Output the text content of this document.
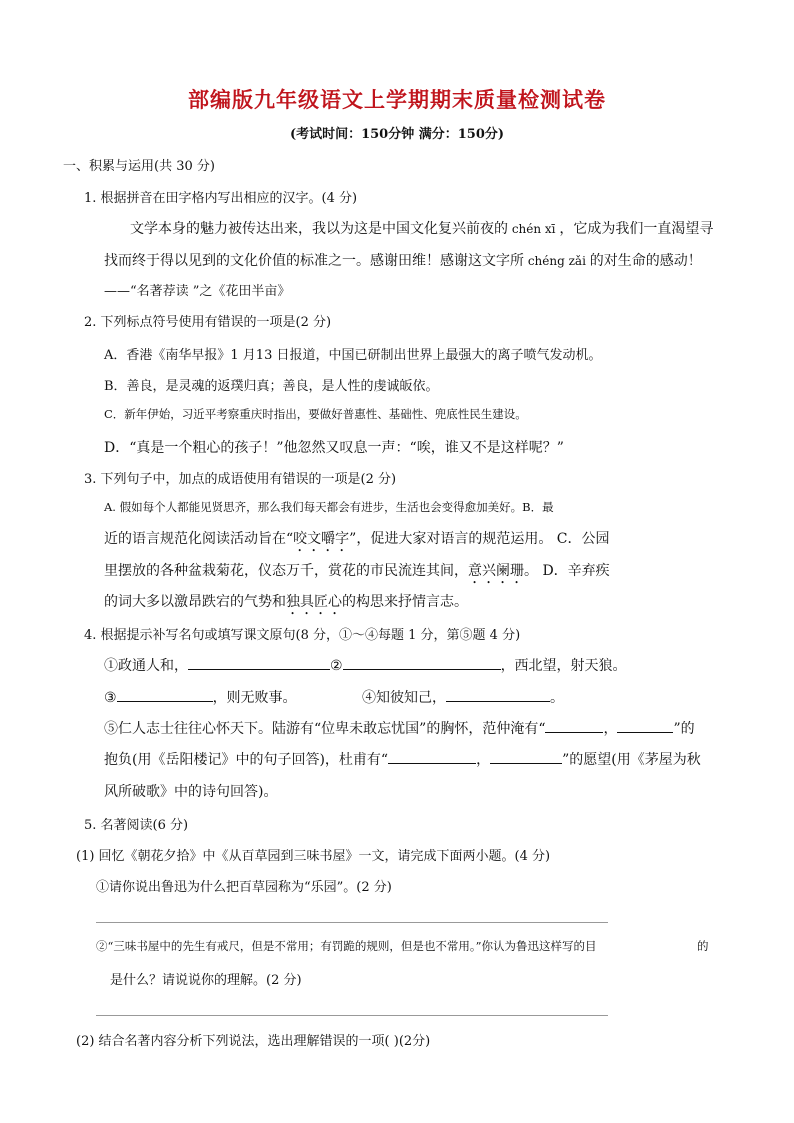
部编版九年级语文上学期期末质量检测试卷
(考试时间：150分钟 满分：150分)
一、积累与运用(共 30 分)
1. 根据拼音在田字格内写出相应的汉字。(4 分)
文学本身的魅力被传达出来，我以为这是中国文化复兴前夜的 chén xī ，它成为我们一直渴望寻
找而终于得以见到的文化价值的标准之一。感谢田维！感谢这文字所 chéng zǎi 的对生命的感动！
——“名著荐读 ”之《花田半亩》
2. 下列标点符号使用有错误的一项是(2 分)
A．香港《南华早报》1 月13 日报道，中国已研制出世界上最强大的离子喷气发动机。
B．善良，是灵魂的返璞归真；善良，是人性的虔诚皈依。
C．新年伊始，习近平考察重庆时指出，要做好普惠性、基础性、兜底性民生建设。
D．“真是一个粗心的孩子！”他忽然又叹息一声：“唉，谁又不是这样呢？”
3. 下列句子中，加点的成语使用有错误的一项是(2 分)
A. 假如每个人都能见贤思齐，那么我们每天都会有进步，生活也会变得愈加美好。B．最
近的语言规范化阅读活动旨在“咬文嚼字”，促进大家对语言的规范运用。 C．公园
里摆放的各种盆栽菊花，仪态万千，赏花的市民流连其间，意兴阑珊。 D．辛弃疾
的词大多以激昂跌宕的气势和独具匠心的构思来抒情言志。
4. 根据提示补写名句或填写课文原句(8 分，①～④每题 1 分，第⑤题 4 分)
①政通人和，	②	，西北望，射天狼。
③	，则无败事。	④知彼知己，	。
⑤仁人志士往往心怀天下。陆游有“位卑未敢忘忧国”的胸怀，范仲淹有“	，	”的
抱负(用《岳阳楼记》中的句子回答)，杜甫有“	，	”的愿望(用《茅屋为秋
风所破歌》中的诗句回答)。
5. 名著阅读(6 分)
(1) 回忆《朝花夕拾》中《从百草园到三味书屋》一文，请完成下面两小题。(4 分)
①请你说出鲁迅为什么把百草园称为“乐园”。(2 分)
②“三味书屋中的先生有戒尺，但是不常用；有罚跪的规则，但是也不常用。”你认为鲁迅这样写的目	的
是什么？请说说你的理解。(2 分)
(2) 结合名著内容分析下列说法，选出理解错误的一项( )(2分)
